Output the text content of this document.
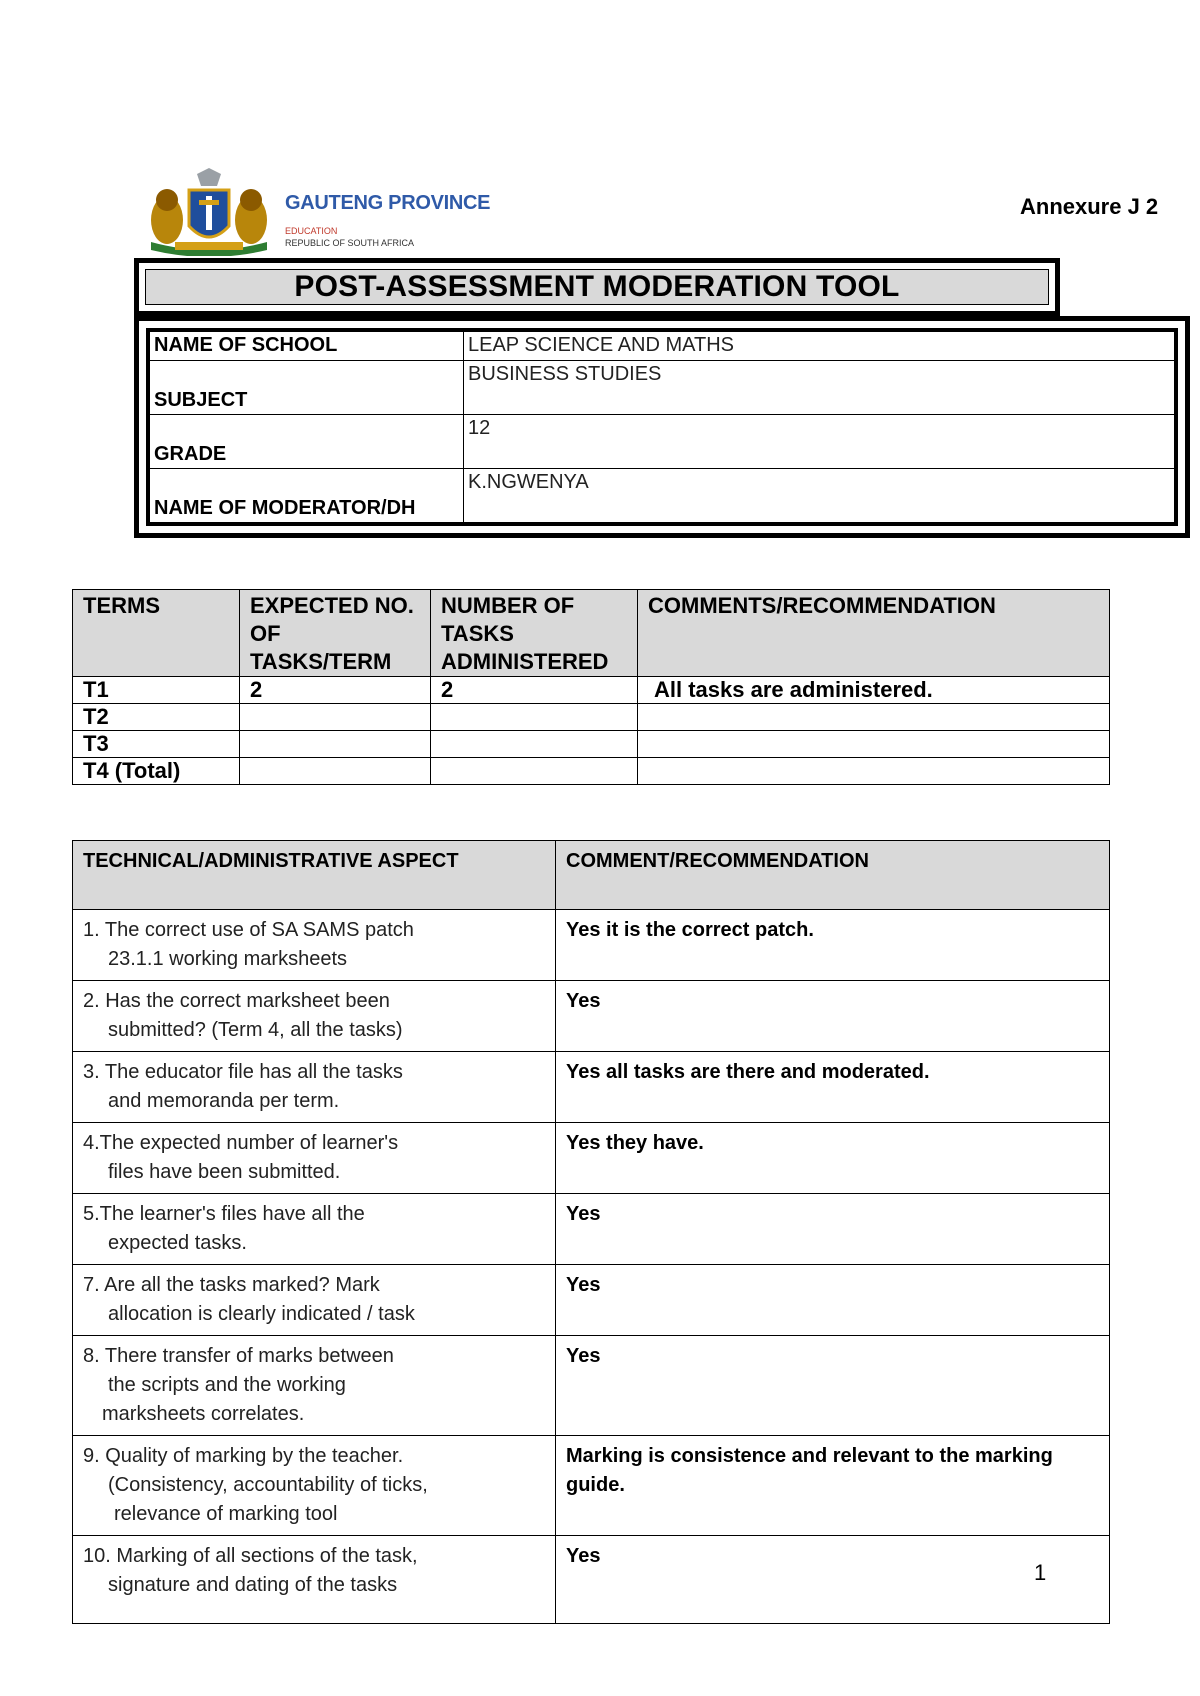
GAUTENG PROVINCE
EDUCATION
REPUBLIC OF SOUTH AFRICA
Annexure J 2
POST-ASSESSMENT MODERATION TOOL
NAME OF SCHOOL	LEAP SCIENCE AND MATHS
SUBJECT	BUSINESS STUDIES
GRADE	12
NAME OF MODERATOR/DH	K.NGWENYA
TERMS	EXPECTED NO. OF TASKS/TERM	NUMBER OF TASKS ADMINISTERED	COMMENTS/RECOMMENDATION
T1	2	2	All tasks are administered.
T2			
T3			
T4 (Total)			
TECHNICAL/ADMINISTRATIVE ASPECT	COMMENT/RECOMMENDATION
1. The correct use of SA SAMS patch
23.1.1 working marksheets	Yes it is the correct patch.
2. Has the correct marksheet been
submitted? (Term 4, all the tasks)	Yes
3. The educator file has all the tasks
and memoranda per term.	Yes all tasks are there and moderated.
4.The expected number of learner's
files have been submitted.	Yes they have.
5.The learner's files have all the
expected tasks.	Yes
7. Are all the tasks marked? Mark
allocation is clearly indicated / task	Yes
8. There transfer of marks between
the scripts and the working
marksheets correlates.	Yes
9. Quality of marking by the teacher.
(Consistency, accountability of ticks,
relevance of marking tool	Marking is consistence and relevant to the marking guide.
10. Marking of all sections of the task,
signature and dating of the tasks	Yes
1
